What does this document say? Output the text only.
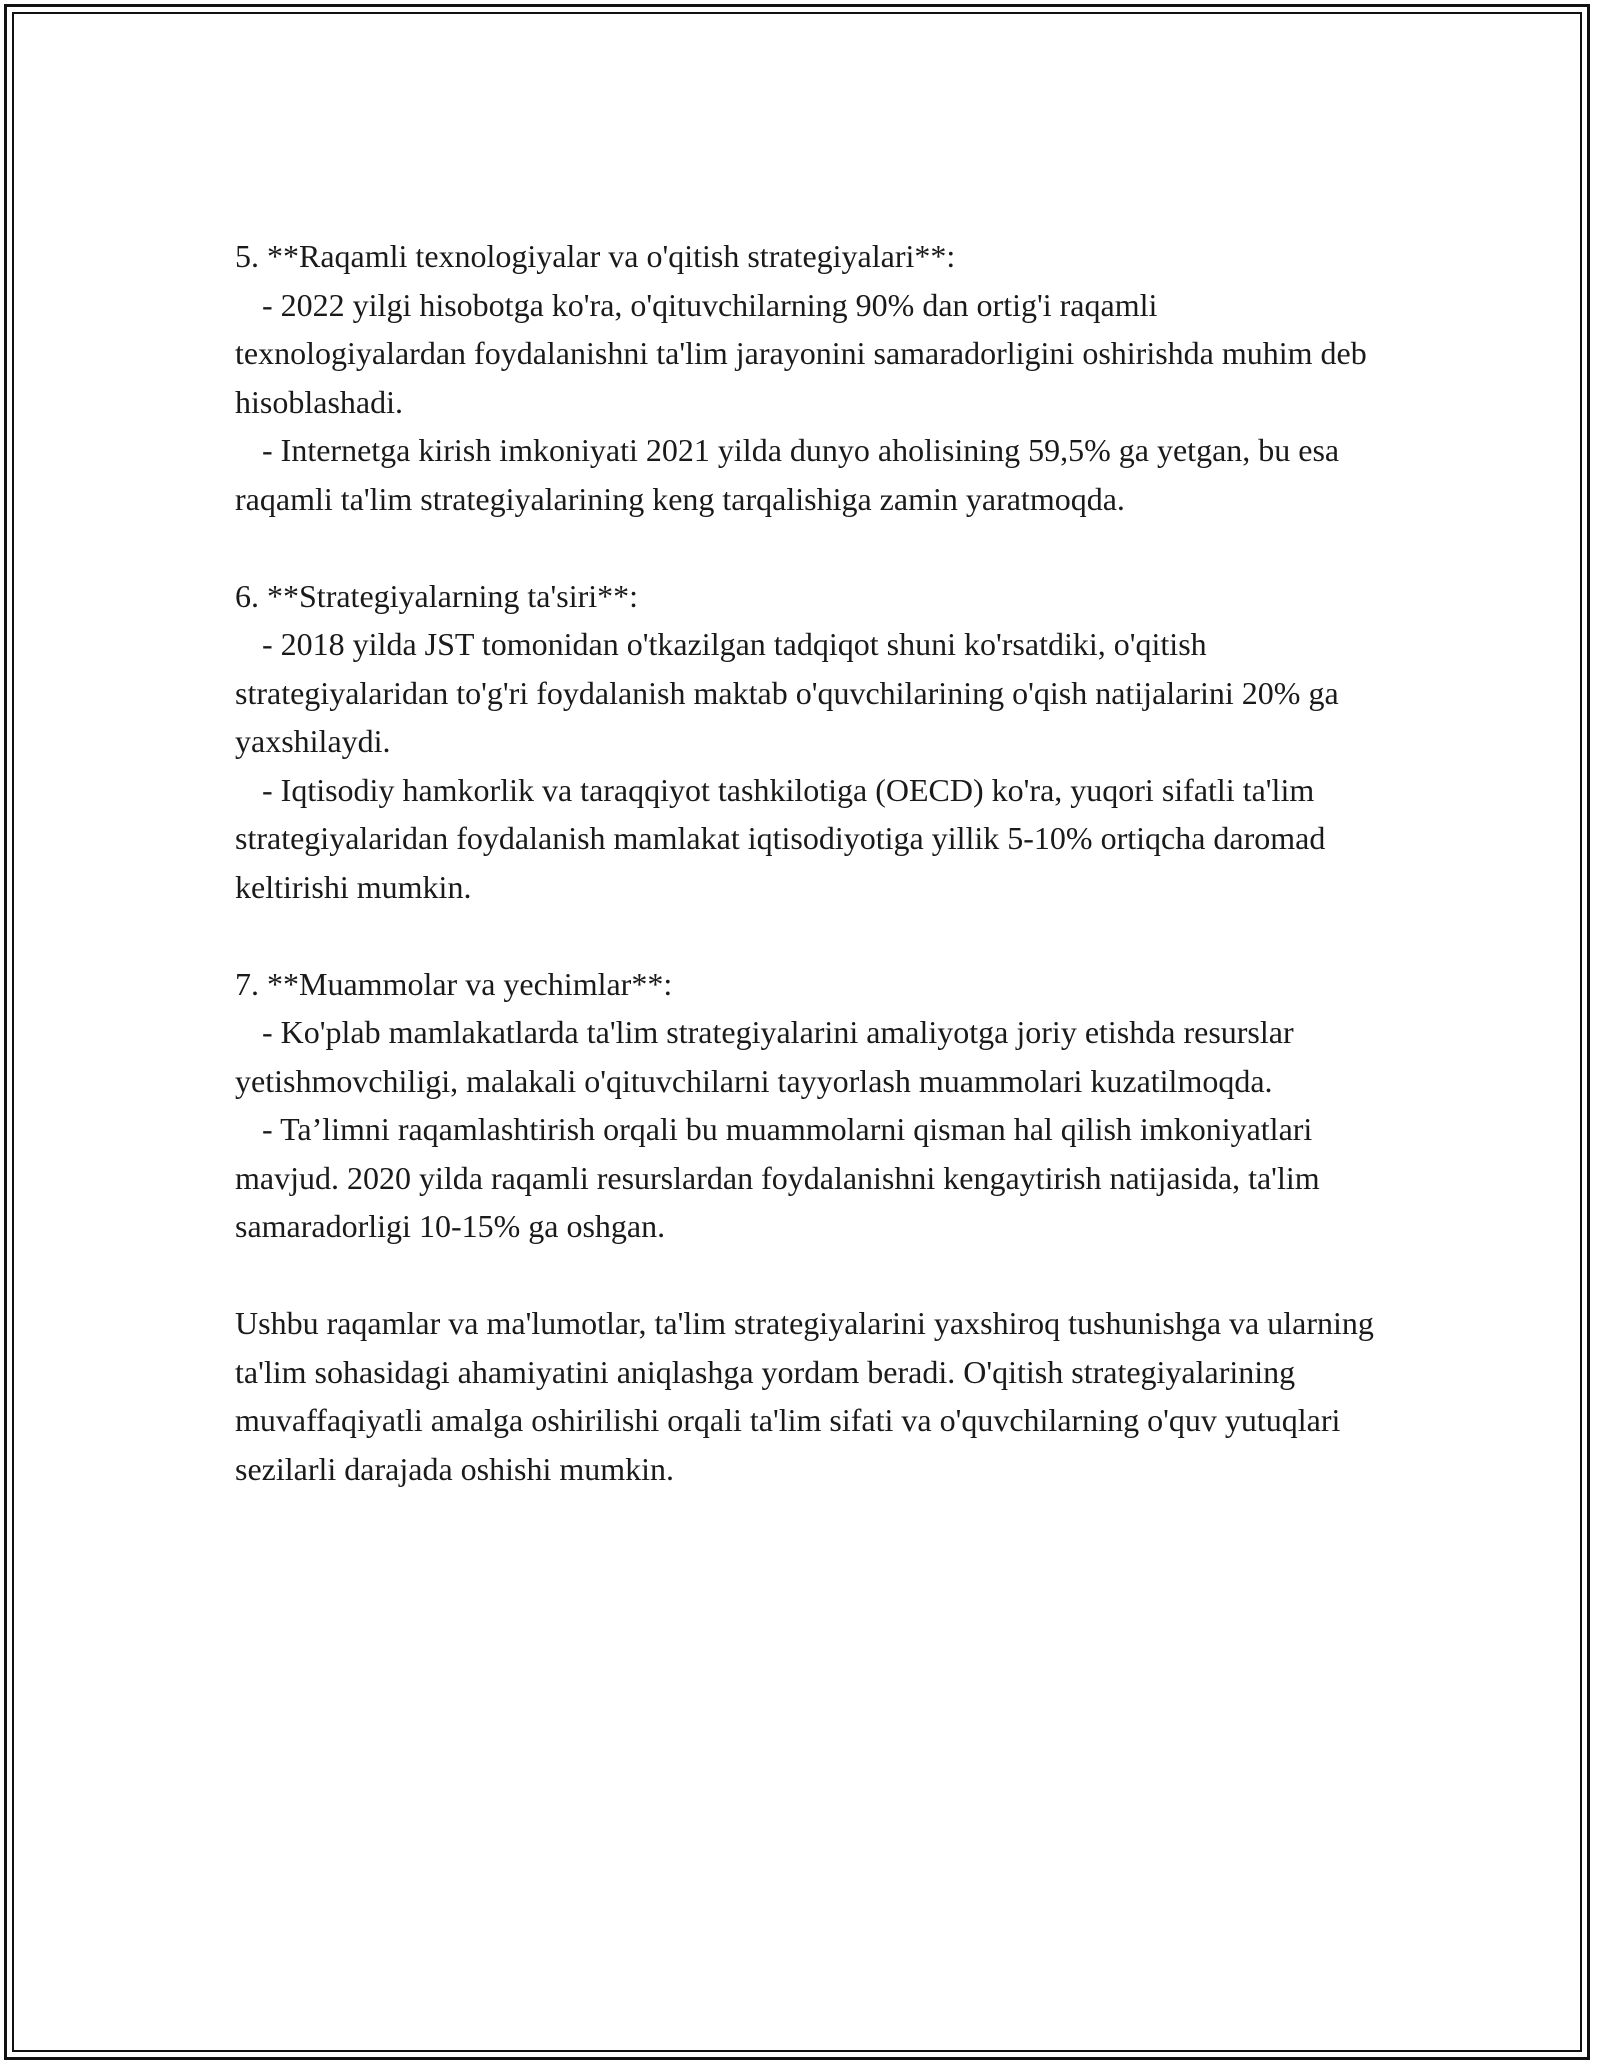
5. **Raqamli texnologiyalar va o'qitish strategiyalari**:
- 2022 yilgi hisobotga ko'ra, o'qituvchilarning 90% dan ortig'i raqamli texnologiyalardan foydalanishni ta'lim jarayonini samaradorligini oshirishda muhim deb hisoblashadi.
- Internetga kirish imkoniyati 2021 yilda dunyo aholisining 59,5% ga yetgan, bu esa raqamli ta'lim strategiyalarining keng tarqalishiga zamin yaratmoqda.
6. **Strategiyalarning ta'siri**:
- 2018 yilda JST tomonidan o'tkazilgan tadqiqot shuni ko'rsatdiki, o'qitish strategiyalaridan to'g'ri foydalanish maktab o'quvchilarining o'qish natijalarini 20% ga yaxshilaydi.
- Iqtisodiy hamkorlik va taraqqiyot tashkilotiga (OECD) ko'ra, yuqori sifatli ta'lim strategiyalaridan foydalanish mamlakat iqtisodiyotiga yillik 5-10% ortiqcha daromad keltirishi mumkin.
7. **Muammolar va yechimlar**:
- Ko'plab mamlakatlarda ta'lim strategiyalarini amaliyotga joriy etishda resurslar yetishmovchiligi, malakali o'qituvchilarni tayyorlash muammolari kuzatilmoqda.
- Ta’limni raqamlashtirish orqali bu muammolarni qisman hal qilish imkoniyatlari mavjud. 2020 yilda raqamli resurslardan foydalanishni kengaytirish natijasida, ta'lim samaradorligi 10-15% ga oshgan.

Ushbu raqamlar va ma'lumotlar, ta'lim strategiyalarini yaxshiroq tushunishga va ularning ta'lim sohasidagi ahamiyatini aniqlashga yordam beradi. O'qitish strategiyalarining muvaffaqiyatli amalga oshirilishi orqali ta'lim sifati va o'quvchilarning o'quv yutuqlari sezilarli darajada oshishi mumkin.
